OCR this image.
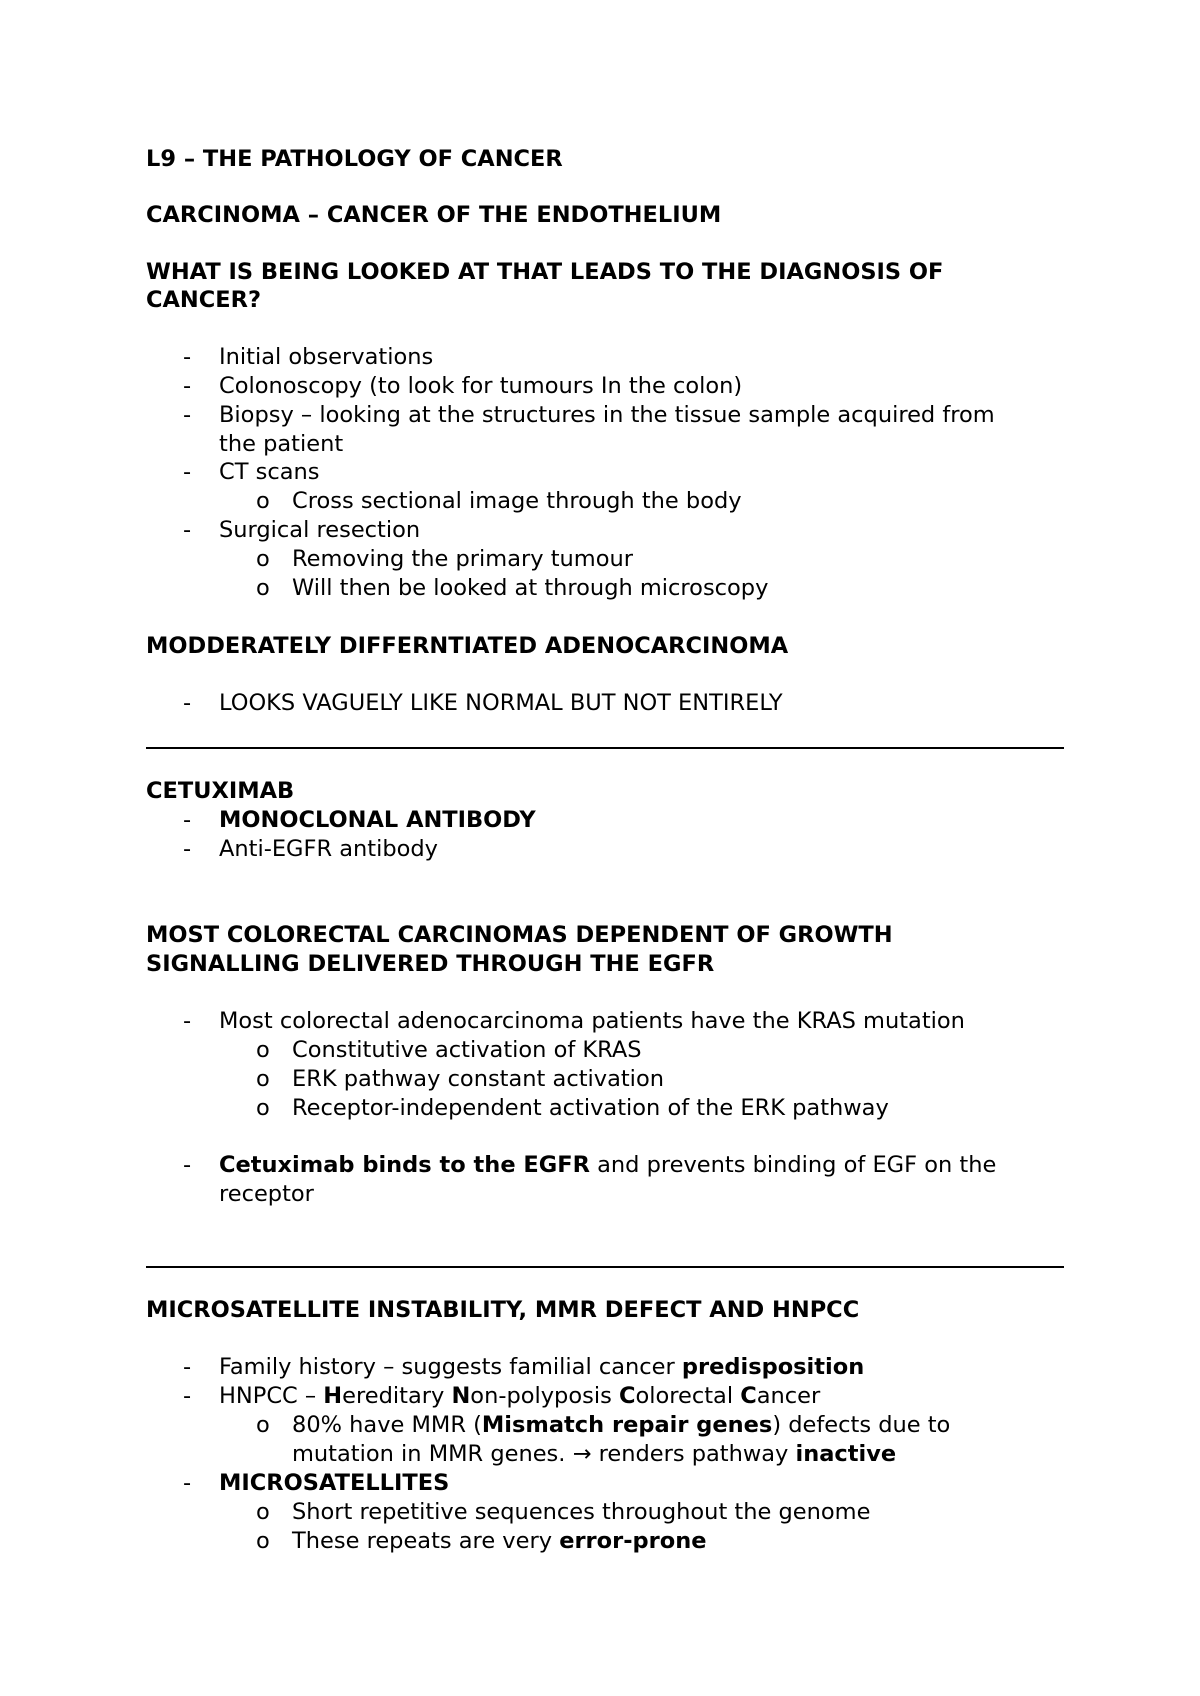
L9 – THE PATHOLOGY OF CANCER
CARCINOMA – CANCER OF THE ENDOTHELIUM
WHAT IS BEING LOOKED AT THAT LEADS TO THE DIAGNOSIS OF
CANCER?
- Initial observations
- Colonoscopy (to look for tumours In the colon)
- Biopsy – looking at the structures in the tissue sample acquired from
the patient
- CT scans
o Cross sectional image through the body
- Surgical resection
o Removing the primary tumour
o Will then be looked at through microscopy
MODDERATELY DIFFERNTIATED ADENOCARCINOMA
- LOOKS VAGUELY LIKE NORMAL BUT NOT ENTIRELY
CETUXIMAB
- MONOCLONAL ANTIBODY
- Anti-EGFR antibody
MOST COLORECTAL CARCINOMAS DEPENDENT OF GROWTH
SIGNALLING DELIVERED THROUGH THE EGFR
- Most colorectal adenocarcinoma patients have the KRAS mutation
o Constitutive activation of KRAS
o ERK pathway constant activation
o Receptor-independent activation of the ERK pathway
- Cetuximab binds to the EGFR and prevents binding of EGF on the
receptor
MICROSATELLITE INSTABILITY, MMR DEFECT AND HNPCC
- Family history – suggests familial cancer predisposition
- HNPCC – Hereditary Non-polyposis Colorectal Cancer
o 80% have MMR (Mismatch repair genes) defects due to
mutation in MMR genes. → renders pathway inactive
- MICROSATELLITES
o Short repetitive sequences throughout the genome
o These repeats are very error-prone
